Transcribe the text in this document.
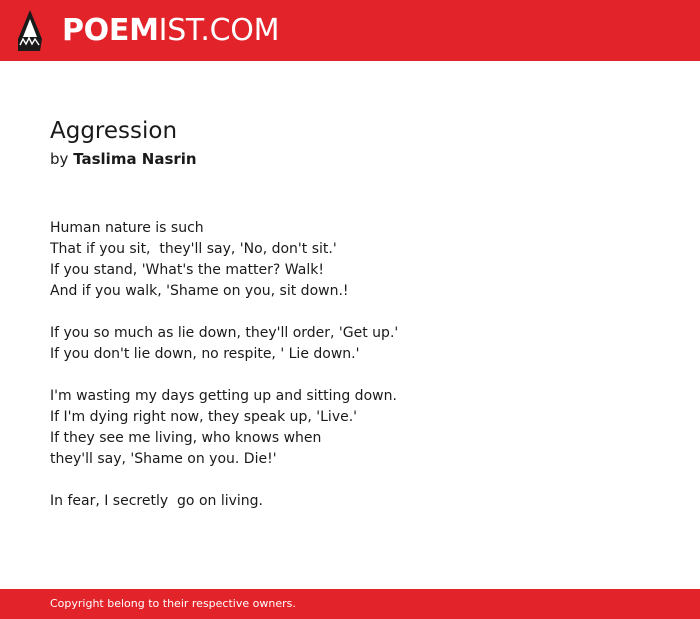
POEMIST.COM
Aggression
by Taslima Nasrin
Human nature is such
That if you sit,  they'll say, 'No, don't sit.'
If you stand, 'What's the matter? Walk!
And if you walk, 'Shame on you, sit down.!
If you so much as lie down, they'll order, 'Get up.'
If you don't lie down, no respite, ' Lie down.'
I'm wasting my days getting up and sitting down.
If I'm dying right now, they speak up, 'Live.'
If they see me living, who knows when
they'll say, 'Shame on you. Die!'
In fear, I secretly  go on living.
Copyright belong to their respective owners.
